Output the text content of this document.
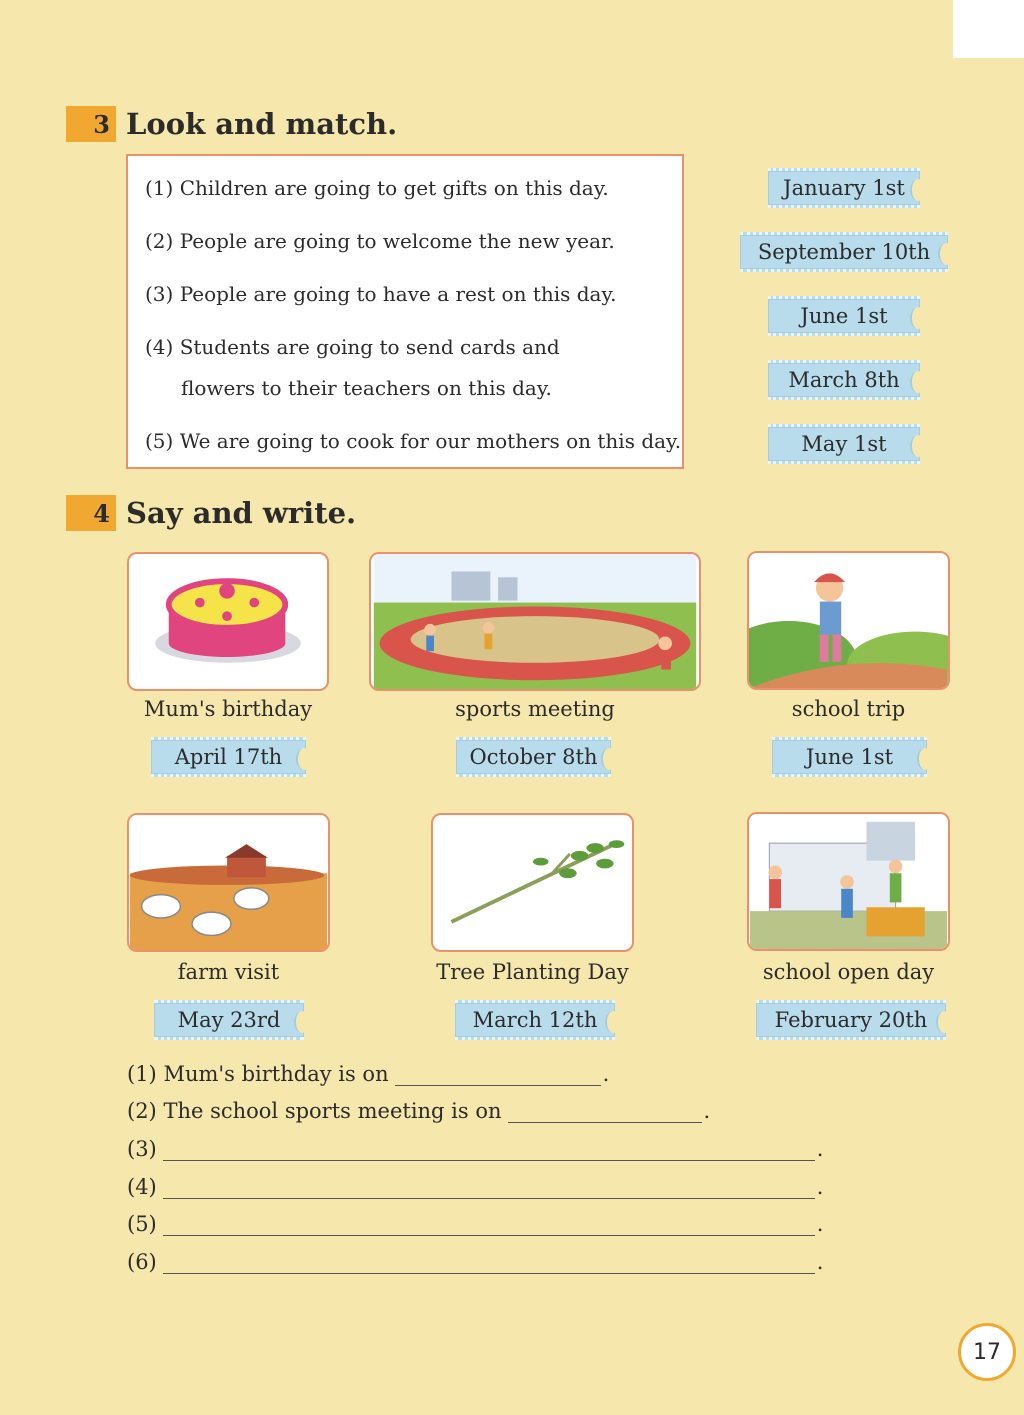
3 Look and match.
(1) Children are going to get gifts on this day.
(2) People are going to welcome the new year.
(3) People are going to have a rest on this day.
(4) Students are going to send cards and
flowers to their teachers on this day.
(5) We are going to cook for our mothers on this day.
January 1st
September 10th
June 1st
March 8th
May 1st
4 Say and write.
Mum's birthday	sports meeting	school trip
April 17th	October 8th	June 1st
farm visit	Tree Planting Day	school open day
May 23rd	March 12th	February 20th
(1)
Mum's birthday is on	.
(2)
The school sports meeting is on	.
(3)	.
(4)	.
(5)	.
(6)	.
17
